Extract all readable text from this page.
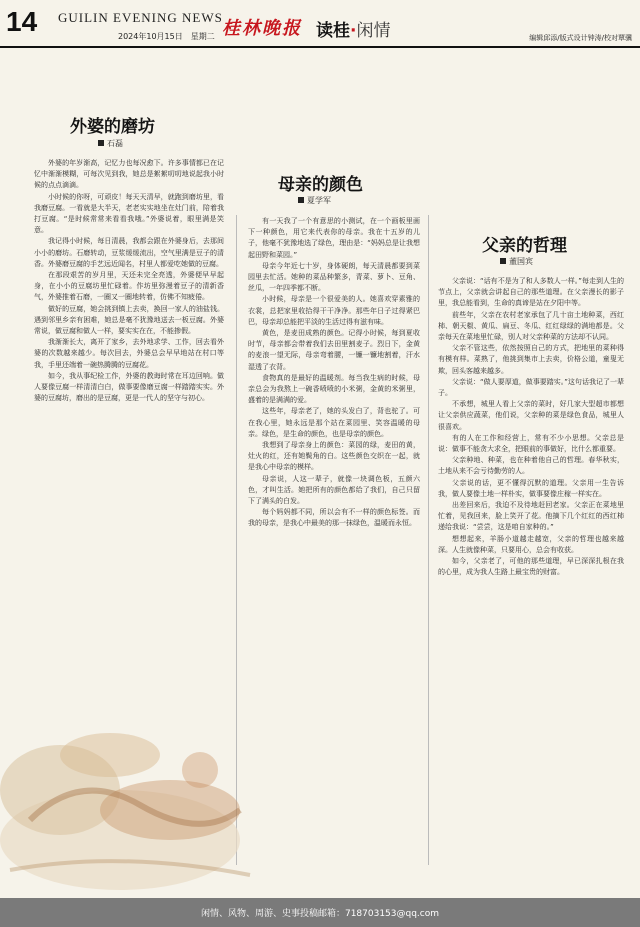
14 GUILIN EVENING NEWS
2024年10月15日　星期二 桂林晚报 读桂·闲情	编辑邱添/版式设计钟涛/校对覃骥
外婆的磨坊
石磊

外婆的年岁渐高，记忆力也每况愈下。许多事情都已在记忆中渐渐模糊，可每次见到我，她总是絮絮叨叨地说起我小时候的点点滴滴。

小时候的你呀，可顽皮！每天天清早，就跑到磨坊里，看我磨豆腐。一看就是大半天，老老实实地坐在灶门前，陪着我打豆腐。“是时候常常来看看我哦。”外婆说着，眼里满是笑意。

我记得小时候，每日清晨，我都会跟在外婆身后，去那间小小的磨坊。石磨转动，豆浆缓缓流出，空气里满是豆子的清香。外婆磨豆腐的手艺远近闻名，村里人都爱吃她做的豆腐。

在那段艰苦的岁月里，天还未完全亮透，外婆便早早起身，在小小的豆腐坊里忙碌着。作坊里弥漫着豆子的清新香气，外婆推着石磨，一圈又一圈地转着，仿佛不知疲倦。

做好的豆腐，她会挑到镇上去卖，换回一家人的油盐钱。遇到邻里乡亲有困难，她总是毫不犹豫地送去一板豆腐。外婆常说，做豆腐和做人一样，要实实在在，不能掺假。

我渐渐长大，离开了家乡，去外地求学、工作，回去看外婆的次数越来越少。每次回去，外婆总会早早地站在村口等我，手里还端着一碗热腾腾的豆腐花。

如今，我从事纪检工作，外婆的教诲时常在耳边回响。做人要像豆腐一样清清白白，做事要像磨豆腐一样踏踏实实。外婆的豆腐坊，磨出的是豆腐，更是一代人的坚守与初心。

母亲的颜色
夏学军

有一天我了一个有意思的小测试，在一个画板里画下一种颜色，用它来代表你的母亲。我在十五岁的儿子，他毫不犹豫地选了绿色，理由是：“妈妈总是让我想起田野和菜园。”

母亲今年近七十岁，身体硬朗，每天清晨都要到菜园里去忙活。她种的菜品种繁多，青菜、萝卜、豆角、丝瓜，一年四季都不断。

小时候，母亲是一个很爱美的人。她喜欢穿素雅的衣裳，总把家里收拾得干干净净。那些年日子过得紧巴巴，母亲却总能把平淡的生活过得有滋有味。

黄色，是麦田成熟的颜色。记得小时候，每到夏收时节，母亲都会带着我们去田里割麦子。烈日下，金黄的麦浪一望无际，母亲弯着腰，一镰一镰地割着，汗水湿透了衣背。

食物真的是最好的温暖剂。每当我生病的时候，母亲总会为我熬上一碗香喷喷的小米粥，金黄的米粥里，盛着的是满满的爱。

这些年，母亲老了，她的头发白了，背也驼了。可在我心里，她永远是那个站在菜园里、笑容温暖的母亲。绿色，是生命的颜色，也是母亲的颜色。

我想到了母亲身上的颜色：菜园的绿，麦田的黄，灶火的红，还有她鬓角的白。这些颜色交织在一起，就是我心中母亲的模样。

母亲说，人这一辈子，就像一块调色板，五颜六色，才叫生活。她把所有的颜色都给了我们，自己只留下了满头的白发。

每个妈妈都不同，所以会有不一样的颜色标签。而我的母亲，是我心中最美的那一抹绿色，温暖而永恒。

父亲的哲理
董国宾

父亲说：“话有不是为了和人多数人一样。”每走到人生的节点上，父亲就会讲起自己的那些道理。在父亲漫长的影子里，我总能看到，生命的真谛是站在夕阳中等。

前些年，父亲在农村老家承包了几十亩土地种菜，西红柿、朝天椒、黄瓜、扁豆、冬瓜、红红绿绿的满地都是。父亲每天在菜地里忙碌，别人对父亲种菜的方法却不认同。

父亲不管这些，依然按照自己的方式，把地里的菜种得有模有样。菜熟了，他挑到集市上去卖，价格公道，童叟无欺，回头客越来越多。

父亲说：“做人要厚道，做事要踏实。”这句话我记了一辈子。

不承想，城里人看上父亲的菜时，好几家大型超市都想让父亲供应蔬菜，他们说，父亲种的菜是绿色食品，城里人很喜欢。

有的人在工作和经营上，常有不少小思想。父亲总是说：做事不能贪大求全，把眼前的事做好，比什么都重要。

父亲种地、种菜，也在种着他自己的哲理。春华秋实，土地从来不会亏待勤劳的人。

父亲说的话，更不懂得沉默的道理。父亲用一生告诉我，做人要像土地一样朴实，做事要像庄稼一样实在。

出差回来后，我迫不及待地赶回老家。父亲正在菜地里忙着，见我回来，脸上笑开了花。他摘下几个红红的西红柿递给我说：“尝尝，这是咱自家种的。”

想想起来，羊肠小道越走越宽，父亲的哲理也越来越深。人生就像种菜，只要用心，总会有收获。

如今，父亲老了，可他的那些道理，早已深深扎根在我的心里，成为我人生路上最宝贵的财富。

闲情、风物、周游、史事投稿邮箱：718703153@qq.com
